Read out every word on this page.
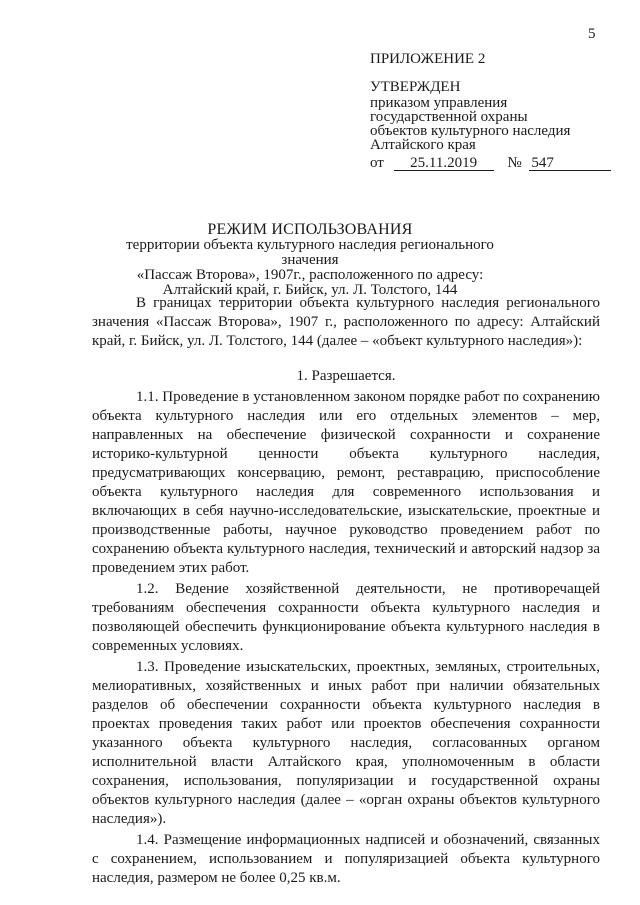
5
ПРИЛОЖЕНИЕ 2
УТВЕРЖДЕН
приказом управления
государственной охраны
объектов культурного наследия
Алтайского края
от 25.11.2019 № 547
РЕЖИМ ИСПОЛЬЗОВАНИЯ
территории объекта культурного наследия регионального значения
«Пассаж Второва», 1907г., расположенного по адресу:
Алтайский край, г. Бийск, ул. Л. Толстого, 144

В границах территории объекта культурного наследия регионального значения «Пассаж Второва», 1907 г., расположенного по адресу: Алтайский край, г. Бийск, ул. Л. Толстого, 144 (далее – «объект культурного наследия»):

1. Разрешается.

1.1. Проведение в установленном законом порядке работ по сохранению объекта культурного наследия или его отдельных элементов – мер, направленных на обеспечение физической сохранности и сохранение историко-культурной ценности объекта культурного наследия, предусматривающих консервацию, ремонт, реставрацию, приспособление объекта культурного наследия для современного использования и включающих в себя научно-исследовательские, изыскательские, проектные и производственные работы, научное руководство проведением работ по сохранению объекта культурного наследия, технический и авторский надзор за проведением этих работ.

1.2. Ведение хозяйственной деятельности, не противоречащей требованиям обеспечения сохранности объекта культурного наследия и позволяющей обеспечить функционирование объекта культурного наследия в современных условиях.

1.3. Проведение изыскательских, проектных, земляных, строительных, мелиоративных, хозяйственных и иных работ при наличии обязательных разделов об обеспечении сохранности объекта культурного наследия в проектах проведения таких работ или проектов обеспечения сохранности указанного объекта культурного наследия, согласованных органом исполнительной власти Алтайского края, уполномоченным в области сохранения, использования, популяризации и государственной охраны объектов культурного наследия (далее – «орган охраны объектов культурного наследия»).

1.4. Размещение информационных надписей и обозначений, связанных с сохранением, использованием и популяризацией объекта культурного наследия, размером не более 0,25 кв.м.
